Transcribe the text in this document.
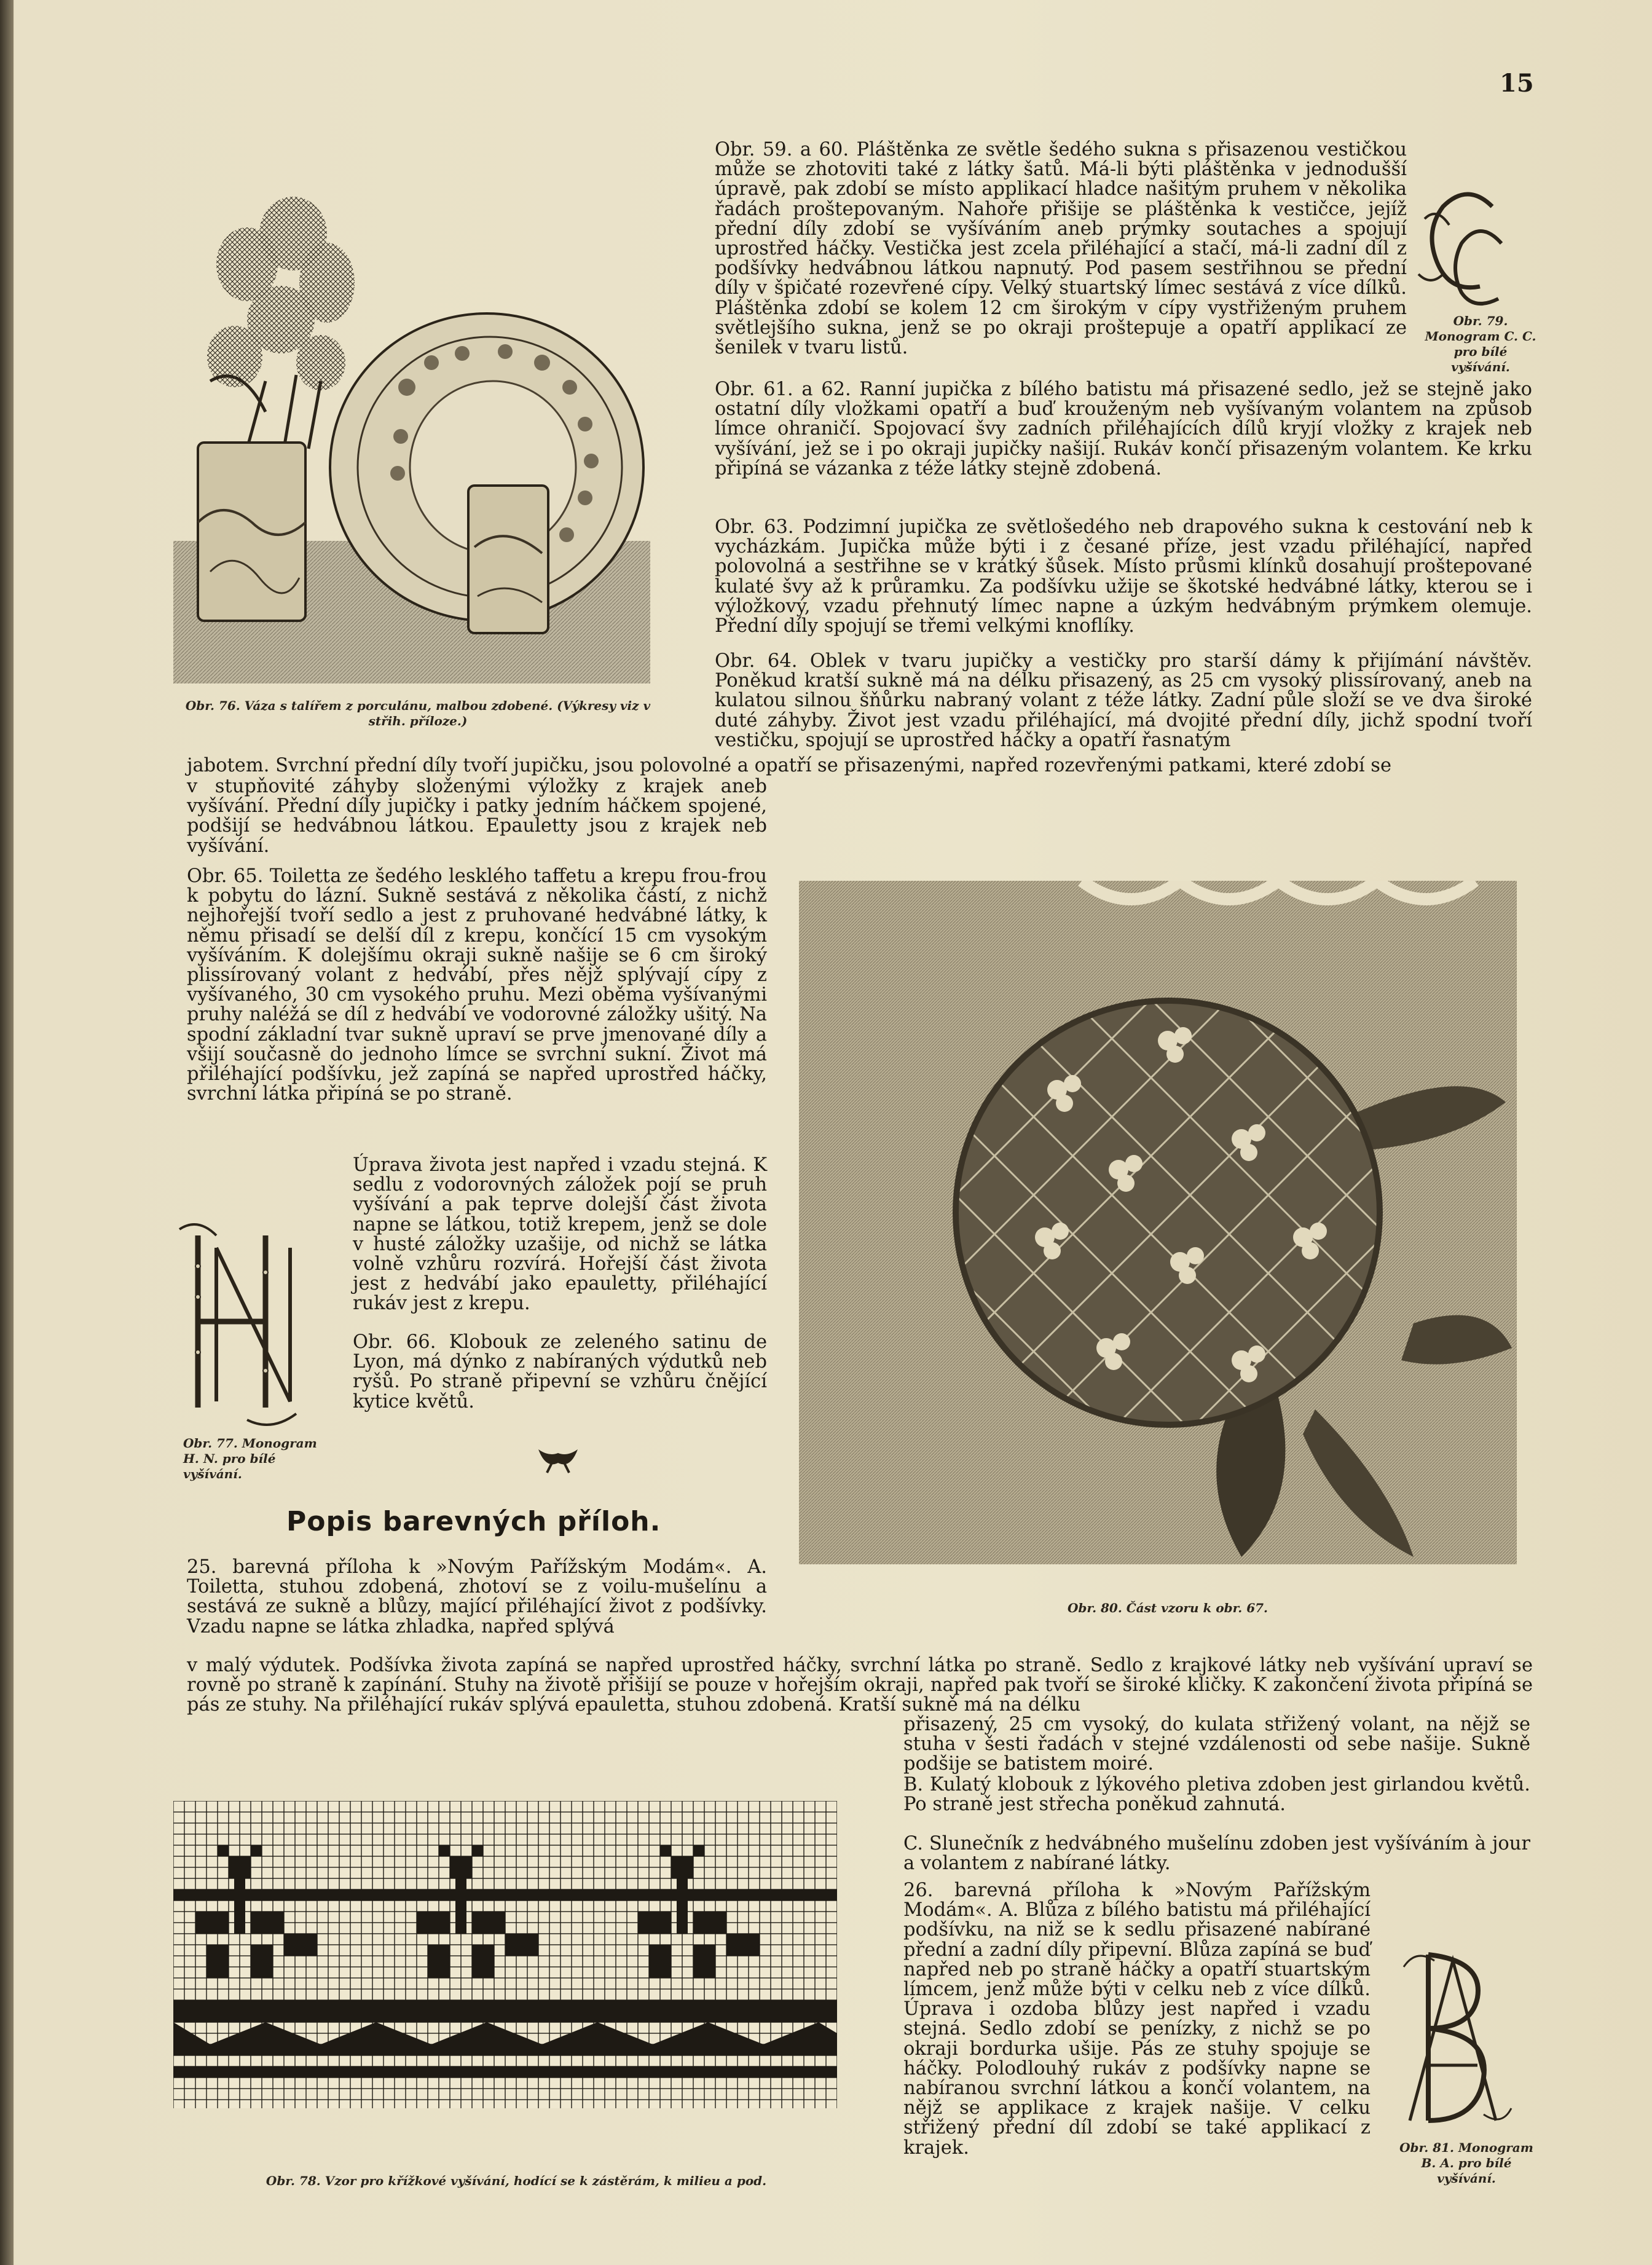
15
Obr. 76. Váza s talířem z porculánu, malbou zdobené. (Výkresy viz v střih. příloze.)
Obr. 79. Monogram C. C. pro bílé vyšívání.

Obr. 59. a 60. Pláštěnka ze světle šedého sukna s přisazenou vestičkou může se zhotoviti také z látky šatů. Má-li býti pláštěnka v jednodušší úpravě, pak zdobí se místo applikací hladce našitým pruhem v několika řadách proštepovaným. Nahoře přišije se pláštěnka k vestičce, jejíž přední díly zdobí se vyšíváním aneb prýmky soutaches a spojují uprostřed háčky. Vestička jest zcela přiléhající a stačí, má-li zadní díl z podšívky hedvábnou látkou napnutý. Pod pasem sestřihnou se přední díly v špičaté rozevřené cípy. Velký stuartský límec sestává z více dílků. Pláštěnka zdobí se kolem 12 cm širokým v cípy vystřiženým pruhem světlejšího sukna, jenž se po okraji proštepuje a opatří applikací ze šenilek v tvaru listů.

Obr. 61. a 62. Ranní jupička z bílého batistu má přisazené sedlo, jež se stejně jako ostatní díly vložkami opatří a buď krouženým neb vyšívaným volantem na způsob límce ohraničí. Spojovací švy zadních přiléhajících dílů kryjí vložky z krajek neb vyšívání, jež se i po okraji jupičky našijí. Rukáv končí přisazeným volantem. Ke krku připíná se vázanka z téže látky stejně zdobená.

Obr. 63. Podzimní jupička ze světlošedého neb drapového sukna k cestování neb k vycházkám. Jupička může býti i z česané příze, jest vzadu přiléhající, napřed polovolná a sestřihne se v krátký šůsek. Místo průsmi klínků dosahují proštepované kulaté švy až k průramku. Za podšívku užije se škotské hedvábné látky, kterou se i výložkový, vzadu přehnutý límec napne a úzkým hedvábným prýmkem olemuje. Přední díly spojují se třemi velkými knoflíky.

Obr. 64. Oblek v tvaru jupičky a vestičky pro starší dámy k přijímání návštěv. Poněkud kratší sukně má na délku přisazený, as 25 cm vysoký plissírovaný, aneb na kulatou silnou šňůrku nabraný volant z téže látky. Zadní půle složí se ve dva široké duté záhyby. Život jest vzadu přiléhající, má dvojité přední díly, jichž spodní tvoří vestičku, spojují se uprostřed háčky a opatří řasnatým

jabotem. Svrchní přední díly tvoří jupičku, jsou polovolné a opatří se přisazenými, napřed rozevřenými patkami, které zdobí se

v stupňovité záhyby složenými výložky z krajek aneb vyšívání. Přední díly jupičky i patky jedním háčkem spojené, podšijí se hedvábnou látkou. Epauletty jsou z krajek neb vyšívání.

Obr. 65. Toiletta ze šedého lesklého taffetu a krepu frou-frou k pobytu do lázní. Sukně sestává z několika částí, z nichž nejhořejší tvoří sedlo a jest z pruhované hedvábné látky, k němu přisadí se delší díl z krepu, končící 15 cm vysokým vyšíváním. K dolejšímu okraji sukně našije se 6 cm široký plissírovaný volant z hedvábí, přes nějž splývají cípy z vyšívaného, 30 cm vysokého pruhu. Mezi oběma vyšívanými pruhy naléžá se díl z hedvábí ve vodorovné záložky ušitý. Na spodní základní tvar sukně upraví se prve jmenované díly a všijí současně do jednoho límce se svrchní sukní. Život má přiléhající podšívku, jež zapíná se napřed uprostřed háčky, svrchní látka připíná se po straně.

Obr. 77. Monogram H. N. pro bílé vyšívání.

Úprava života jest napřed i vzadu stejná. K sedlu z vodorovných záložek pojí se pruh vyšívání a pak teprve dolejší část života napne se látkou, totiž krepem, jenž se dole v husté záložky uzašije, od nichž se látka volně vzhůru rozvírá. Hořejší část života jest z hedvábí jako epauletty, přiléhající rukáv jest z krepu.

Obr. 66. Klobouk ze zeleného satinu de Lyon, má dýnko z nabíraných výdutků neb ryšů. Po straně připevní se vzhůru čnějící kytice květů.

Obr. 80. Část vzoru k obr. 67.
Popis barevných příloh.

25. barevná příloha k »Novým Pařížským Modám«. A. Toiletta, stuhou zdobená, zhotoví se z voilu-mušelínu a sestává ze sukně a blůzy, mající přiléhající život z podšívky. Vzadu napne se látka zhladka, napřed splývá

v malý výdutek. Podšívka života zapíná se napřed uprostřed háčky, svrchní látka po straně. Sedlo z krajkové látky neb vyšívání upraví se rovně po straně k zapínání. Stuhy na životě přišijí se pouze v hořejším okraji, napřed pak tvoří se široké kličky. K zakončení života připíná se pás ze stuhy. Na přiléhající rukáv splývá epauletta, stuhou zdobená. Kratší sukně má na délku

přisazený, 25 cm vysoký, do kulata střižený volant, na nějž se stuha v šesti řadách v stejné vzdálenosti od sebe našije. Sukně podšije se batistem moiré.

B. Kulatý klobouk z lýkového pletiva zdoben jest girlandou květů. Po straně jest střecha poněkud zahnutá.

C. Slunečník z hedvábného mušelínu zdoben jest vyšíváním à jour a volantem z nabírané látky.

Obr. 78. Vzor pro křížkové vyšívání, hodící se k zástěrám, k milieu a pod.

26. barevná příloha k »Novým Pařížským Modám«. A. Blůza z bílého batistu má přiléhající podšívku, na niž se k sedlu přisazené nabírané přední a zadní díly připevní. Blůza zapíná se buď napřed neb po straně háčky a opatří stuartským límcem, jenž může býti v celku neb z více dílků. Úprava i ozdoba blůzy jest napřed i vzadu stejná. Sedlo zdobí se penízky, z nichž se po okraji bordurka ušije. Pás ze stuhy spojuje se háčky. Polodlouhý rukáv z podšívky napne se nabíranou svrchní látkou a končí volantem, na nějž se applikace z krajek našije. V celku střižený přední díl zdobí se také applikací z krajek.	Obr. 81. Monogram B. A. pro bílé vyšívání.
